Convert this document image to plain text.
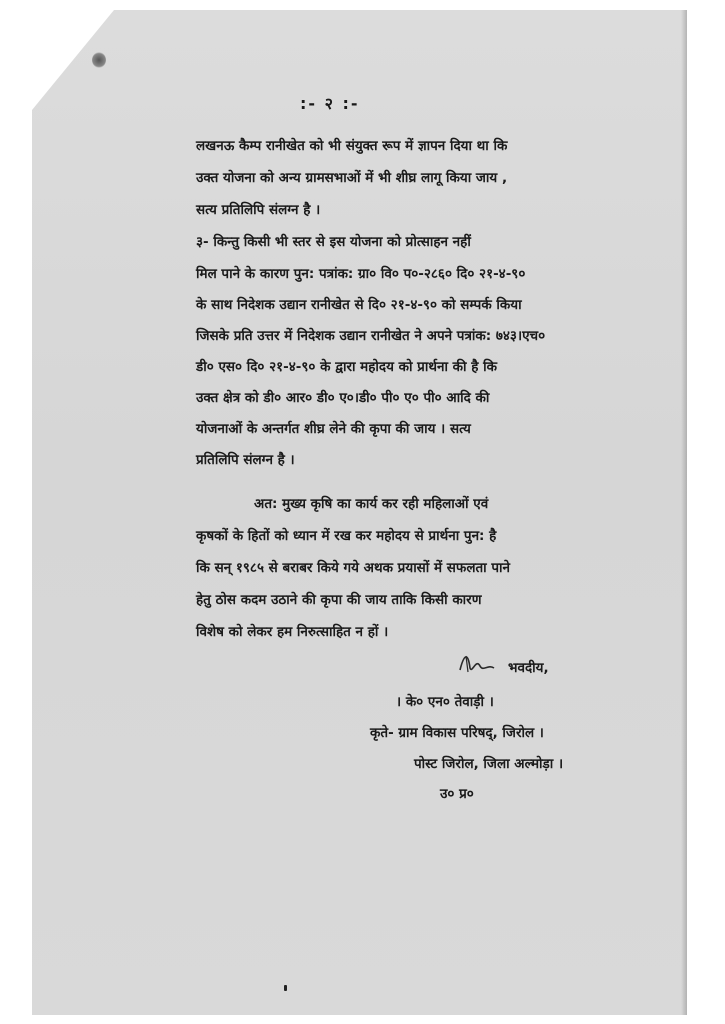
:- २ :-
लखनऊ कैम्प रानीखेत को भी संयुक्त रूप में ज्ञापन दिया था कि
उक्त योजना को अन्य ग्रामसभाओं में भी शीघ्र लागू किया जाय ,
सत्य प्रतिलिपि संलग्न है ।
३- किन्तु किसी भी स्तर से इस योजना को प्रोत्साहन नहीं
मिल पाने के कारण पुन: पत्रांक: ग्रा० वि० प०-२८६० दि० २१-४-९०
के साथ निदेशक उद्यान रानीखेत से दि० २१-४-९० को सम्पर्क किया
जिसके प्रति उत्तर में निदेशक उद्यान रानीखेत ने अपने पत्रांक: ७४३।एच०
डी० एस० दि० २१-४-९० के द्वारा महोदय को प्रार्थना की है कि
उक्त क्षेत्र को डी० आर० डी० ए०।डी० पी० ए० पी० आदि की
योजनाओं के अन्तर्गत शीघ्र लेने की कृपा की जाय । सत्य
प्रतिलिपि संलग्न है ।
अत: मुख्य कृषि का कार्य कर रही महिलाओं एवं
कृषकों के हितों को ध्यान में रख कर महोदय से प्रार्थना पुन: है
कि सन् १९८५ से बराबर किये गये अथक प्रयासों में सफलता पाने
हेतु ठोस कदम उठाने की कृपा की जाय ताकि किसी कारण
विशेष को लेकर हम निरुत्साहित न हों ।
भवदीय,
। के० एन० तेवाड़ी ।
कृते- ग्राम विकास परिषद्, जिरोल ।
पोस्ट जिरोल, जिला अल्मोड़ा ।
उ० प्र०
